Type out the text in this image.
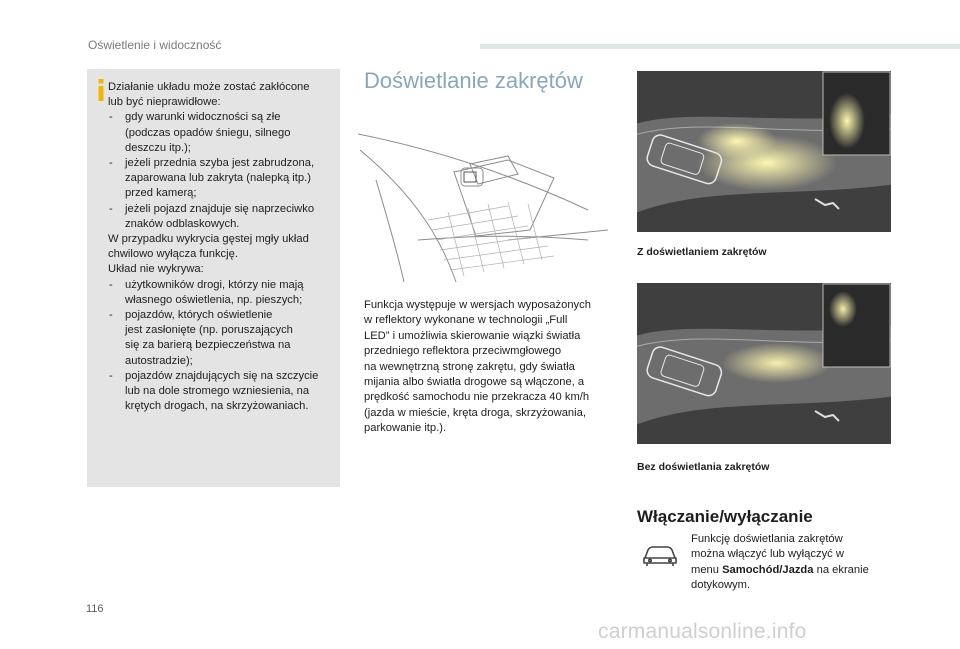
Oświetlenie i widoczność

Działanie układu może zostać zakłócone
lub być nieprawidłowe:

- gdy warunki widoczności są złe
(podczas opadów śniegu, silnego
deszczu itp.);
- jeżeli przednia szyba jest zabrudzona,
zaparowana lub zakryta (nalepką itp.)
przed kamerą;
- jeżeli pojazd znajduje się naprzeciwko
znaków odblaskowych.

W przypadku wykrycia gęstej mgły układ
chwilowo wyłącza funkcję.

Układ nie wykrywa:

- użytkowników drogi, którzy nie mają
własnego oświetlenia, np. pieszych;
- pojazdów, których oświetlenie
jest zasłonięte (np. poruszających
się za barierą bezpieczeństwa na
autostradzie);
- pojazdów znajdujących się na szczycie
lub na dole stromego wzniesienia, na
krętych drogach, na skrzyżowaniach.
Doświetlanie zakrętów

Funkcja występuje w wersjach wyposażonych
w reflektory wykonane w technologii „Full
LED” i umożliwia skierowanie wiązki światła
przedniego reflektora przeciwmgłowego
na wewnętrzną stronę zakrętu, gdy światła
mijania albo światła drogowe są włączone, a
prędkość samochodu nie przekracza 40 km/h
(jazda w mieście, kręta droga, skrzyżowania,
parkowanie itp.).

Z doświetlaniem zakrętów
Bez doświetlania zakrętów
Włączanie/wyłączanie

Funkcję doświetlania zakrętów
można włączyć lub wyłączyć w
menu Samochód/Jazda na ekranie
dotykowym.

116
carmanualsonline.info
